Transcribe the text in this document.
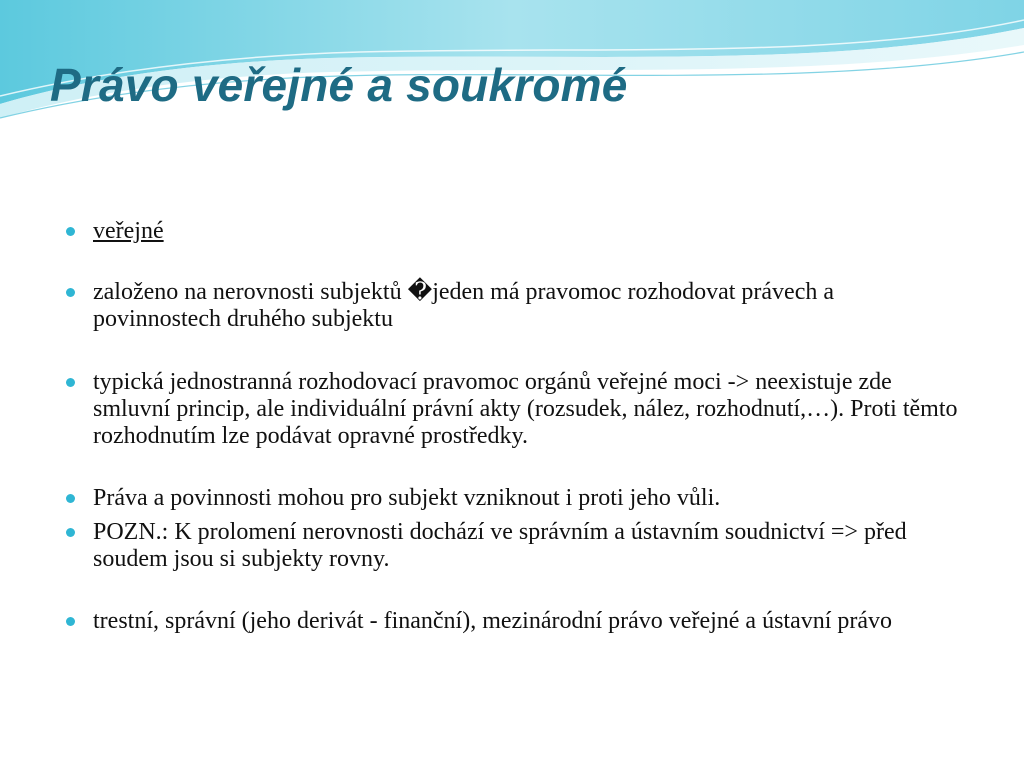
Právo veřejné a soukromé
veřejné
založeno na nerovnosti subjektů �jeden má pravomoc rozhodovat právech a povinnostech druhého subjektu
typická jednostranná rozhodovací pravomoc orgánů veřejné moci -> neexistuje zde smluvní princip, ale individuální právní akty (rozsudek, nález, rozhodnutí,…). Proti těmto rozhodnutím lze podávat opravné prostředky.
Práva a povinnosti mohou pro subjekt vzniknout i proti jeho vůli.
POZN.: K prolomení nerovnosti dochází ve správním a ústavním soudnictví => před soudem jsou si subjekty rovny.
trestní, správní (jeho derivát - finanční), mezinárodní právo veřejné a ústavní právo
